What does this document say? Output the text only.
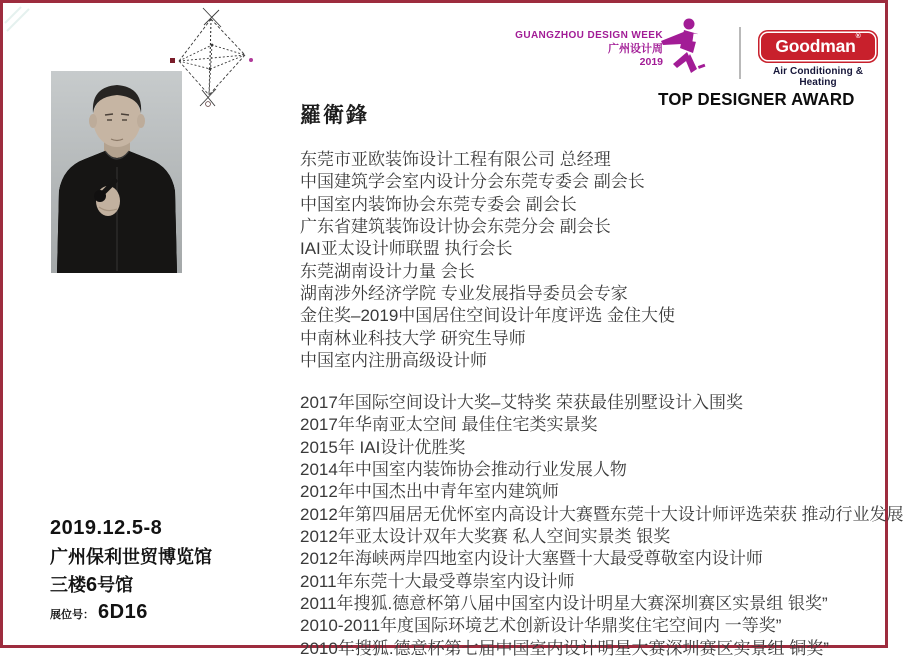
GUANGZHOU DESIGN WEEK
广州设计周
2019
Goodman®
Air Conditioning & Heating
TOP DESIGNER AWARD
羅衛鋒
东莞市亚欧装饰设计工程有限公司 总经理
中国建筑学会室内设计分会东莞专委会 副会长
中国室内装饰协会东莞专委会 副会长
广东省建筑装饰设计协会东莞分会 副会长
IAI亚太设计师联盟 执行会长
东莞湖南设计力量 会长
湖南涉外经济学院 专业发展指导委员会专家
金住奖–2019中国居住空间设计年度评选 金住大使
中南林业科技大学 研究生导师
中国室内注册高级设计师
2017年国际空间设计大奖–艾特奖 荣获最佳别墅设计入围奖
2017年华南亚太空间 最佳住宅类实景奖
2015年 IAI设计优胜奖
2014年中国室内装饰协会推动行业发展人物
2012年中国杰出中青年室内建筑师
2012年第四届居无优怀室内高设计大赛暨东莞十大设计师评选荣获 推动行业发展
2012年亚太设计双年大奖赛 私人空间实景类 银奖
2012年海峡两岸四地室内设计大塞暨十大最受尊敬室内设计师
2011年东莞十大最受尊崇室内设计师
2011年搜狐.德意杯第八届中国室内设计明星大赛深圳赛区实景组 银奖”
2010-2011年度国际环境艺术创新设计华鼎奖住宅空间内 一等奖”
2010年搜狐.德意杯第七届中国室内设计明星大赛深圳赛区实景组 铜奖”
2019.12.5-8
广州保利世贸博览馆
三楼6号馆
展位号： 6D16
